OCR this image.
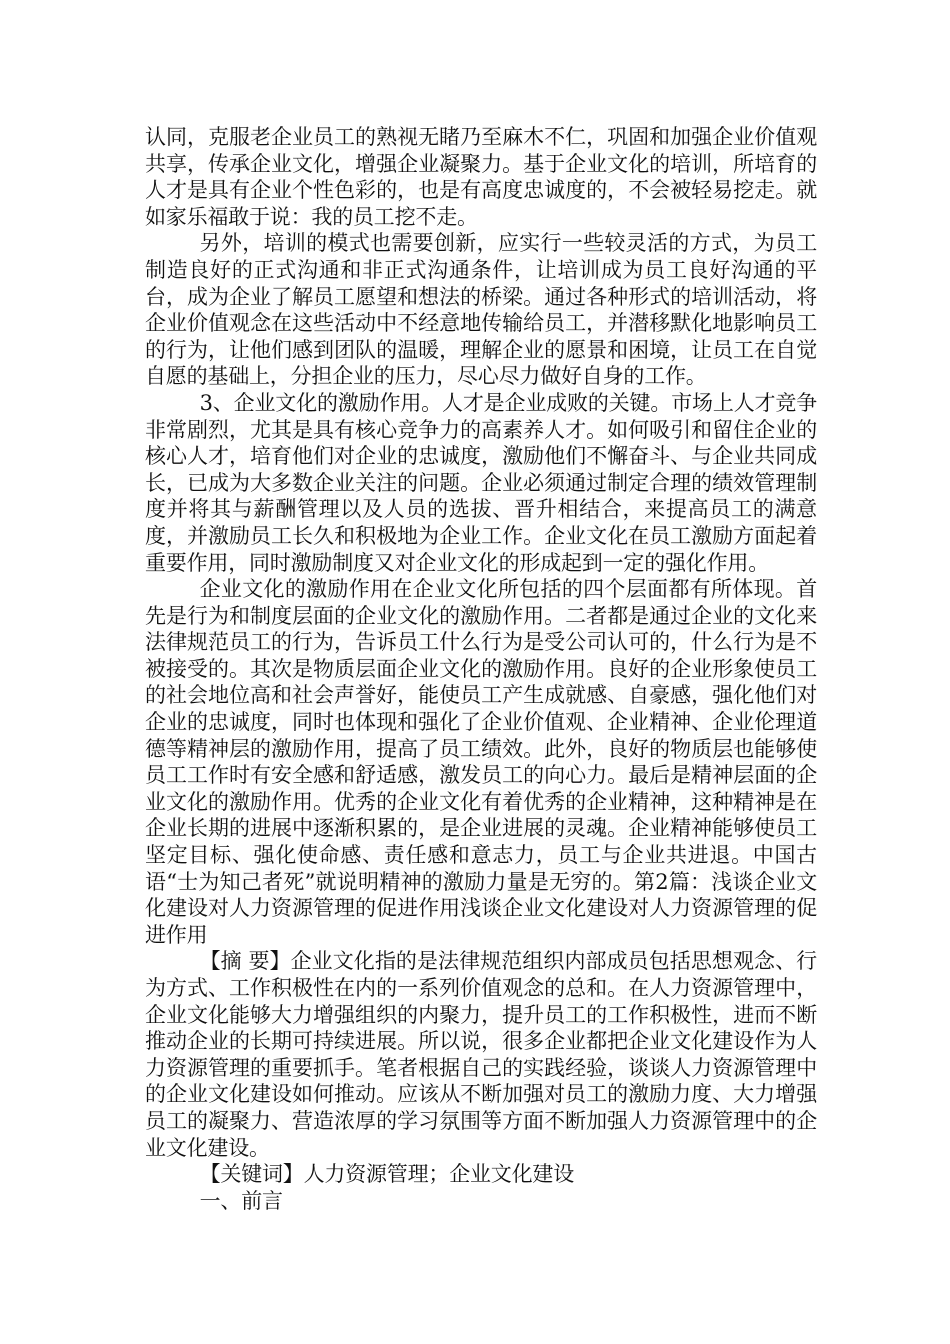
认同，克服老企业员工的熟视无睹乃至麻木不仁，巩固和加强企业价值观共享，传承企业文化，增强企业凝聚力。基于企业文化的培训，所培育的人才是具有企业个性色彩的，也是有高度忠诚度的，不会被轻易挖走。就如家乐福敢于说：我的员工挖不走。

另外，培训的模式也需要创新，应实行一些较灵活的方式，为员工制造良好的正式沟通和非正式沟通条件，让培训成为员工良好沟通的平台，成为企业了解员工愿望和想法的桥梁。通过各种形式的培训活动，将企业价值观念在这些活动中不经意地传输给员工，并潜移默化地影响员工的行为，让他们感到团队的温暖，理解企业的愿景和困境，让员工在自觉自愿的基础上，分担企业的压力，尽心尽力做好自身的工作。

3、企业文化的激励作用。人才是企业成败的关键。市场上人才竞争非常剧烈，尤其是具有核心竞争力的高素养人才。如何吸引和留住企业的核心人才，培育他们对企业的忠诚度，激励他们不懈奋斗、与企业共同成长，已成为大多数企业关注的问题。企业必须通过制定合理的绩效管理制度并将其与薪酬管理以及人员的选拔、晋升相结合，来提高员工的满意度，并激励员工长久和积极地为企业工作。企业文化在员工激励方面起着重要作用，同时激励制度又对企业文化的形成起到一定的强化作用。

企业文化的激励作用在企业文化所包括的四个层面都有所体现。首先是行为和制度层面的企业文化的激励作用。二者都是通过企业的文化来法律规范员工的行为，告诉员工什么行为是受公司认可的，什么行为是不被接受的。其次是物质层面企业文化的激励作用。良好的企业形象使员工的社会地位高和社会声誉好，能使员工产生成就感、自豪感，强化他们对企业的忠诚度，同时也体现和强化了企业价值观、企业精神、企业伦理道德等精神层的激励作用，提高了员工绩效。此外，良好的物质层也能够使员工工作时有安全感和舒适感，激发员工的向心力。最后是精神层面的企业文化的激励作用。优秀的企业文化有着优秀的企业精神，这种精神是在企业长期的进展中逐渐积累的，是企业进展的灵魂。企业精神能够使员工坚定目标、强化使命感、责任感和意志力，员工与企业共进退。中国古语“士为知己者死”就说明精神的激励力量是无穷的。第2篇：浅谈企业文化建设对人力资源管理的促进作用浅谈企业文化建设对人力资源管理的促进作用

【摘 要】企业文化指的是法律规范组织内部成员包括思想观念、行为方式、工作积极性在内的一系列价值观念的总和。在人力资源管理中，企业文化能够大力增强组织的内聚力，提升员工的工作积极性，进而不断推动企业的长期可持续进展。所以说，很多企业都把企业文化建设作为人力资源管理的重要抓手。笔者根据自己的实践经验，谈谈人力资源管理中的企业文化建设如何推动。应该从不断加强对员工的激励力度、大力增强员工的凝聚力、营造浓厚的学习氛围等方面不断加强人力资源管理中的企业文化建设。

【关键词】人力资源管理；企业文化建设

一、前言
